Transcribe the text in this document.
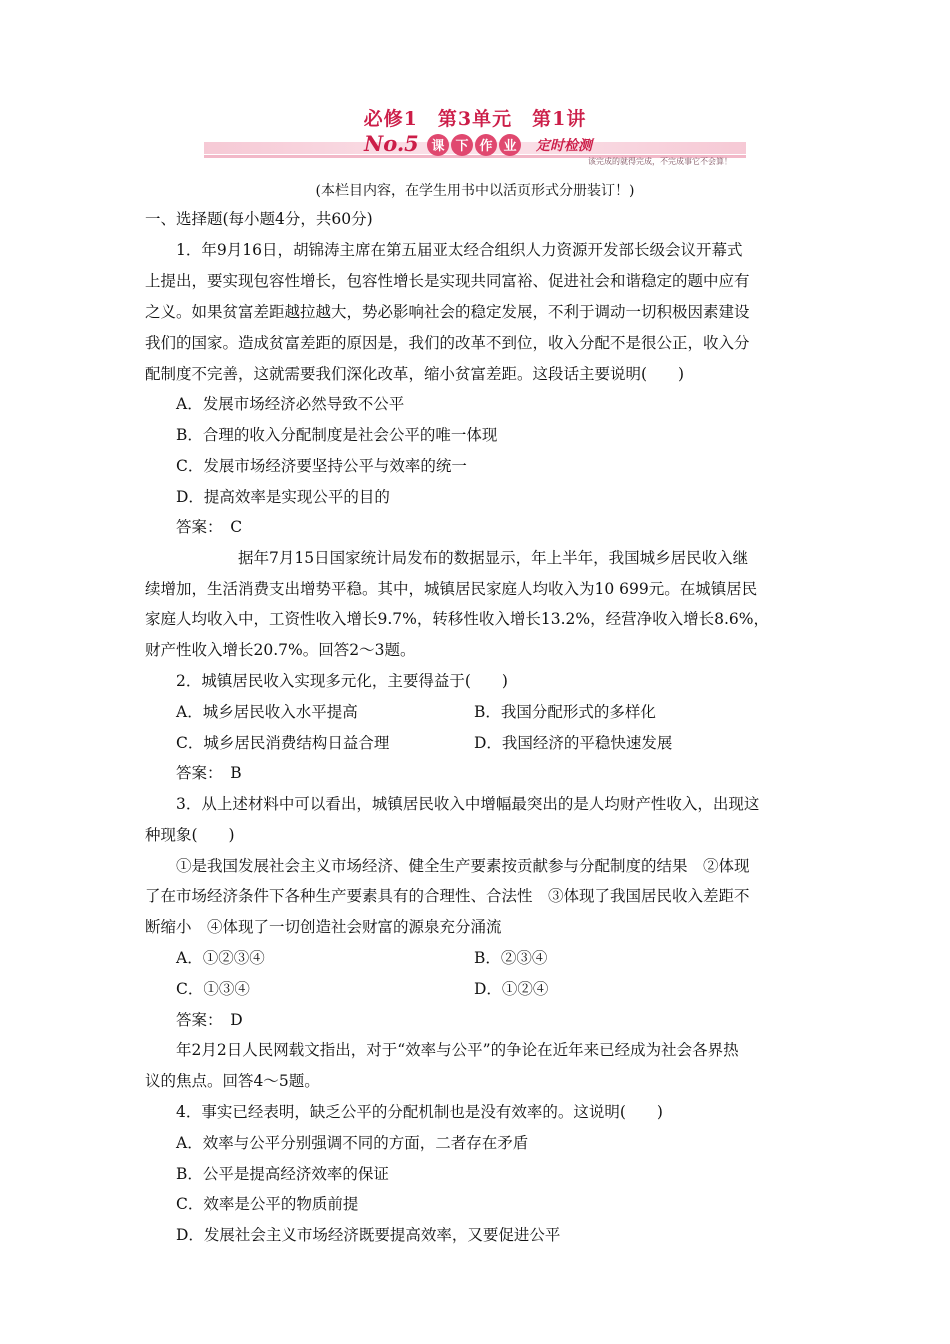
必修1　第3单元　第1讲
No.5 课 下 作 业 定时检测
该完成的就得完成，不完成事它不会算！
(本栏目内容，在学生用书中以活页形式分册装订！)
一、选择题(每小题4分，共60分)
1．年9月16日，胡锦涛主席在第五届亚太经合组织人力资源开发部长级会议开幕式
上提出，要实现包容性增长，包容性增长是实现共同富裕、促进社会和谐稳定的题中应有
之义。如果贫富差距越拉越大，势必影响社会的稳定发展，不利于调动一切积极因素建设
我们的国家。造成贫富差距的原因是，我们的改革不到位，收入分配不是很公正，收入分
配制度不完善，这就需要我们深化改革，缩小贫富差距。这段话主要说明(　　)
A．发展市场经济必然导致不公平
B．合理的收入分配制度是社会公平的唯一体现
C．发展市场经济要坚持公平与效率的统一
D．提高效率是实现公平的目的
答案：　C
据年7月15日国家统计局发布的数据显示，年上半年，我国城乡居民收入继
续增加，生活消费支出增势平稳。其中，城镇居民家庭人均收入为10 699元。在城镇居民
家庭人均收入中，工资性收入增长9.7%，转移性收入增长13.2%，经营净收入增长8.6%，
财产性收入增长20.7%。回答2～3题。
2．城镇居民收入实现多元化，主要得益于(　　)
A．城乡居民收入水平提高	B．我国分配形式的多样化
C．城乡居民消费结构日益合理	D．我国经济的平稳快速发展
答案：　B
3．从上述材料中可以看出，城镇居民收入中增幅最突出的是人均财产性收入，出现这
种现象(　　)
①是我国发展社会主义市场经济、健全生产要素按贡献参与分配制度的结果　②体现
了在市场经济条件下各种生产要素具有的合理性、合法性　③体现了我国居民收入差距不
断缩小　④体现了一切创造社会财富的源泉充分涌流
A．①②③④	B．②③④
C．①③④	D．①②④
答案：　D
年2月2日人民网载文指出，对于“效率与公平”的争论在近年来已经成为社会各界热
议的焦点。回答4～5题。
4．事实已经表明，缺乏公平的分配机制也是没有效率的。这说明(　　)
A．效率与公平分别强调不同的方面，二者存在矛盾
B．公平是提高经济效率的保证
C．效率是公平的物质前提
D．发展社会主义市场经济既要提高效率，又要促进公平
